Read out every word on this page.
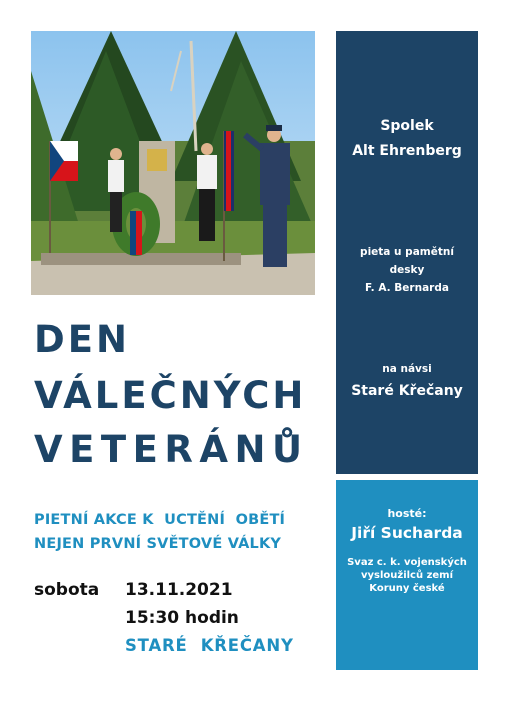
Spolek
Alt Ehrenberg
pieta u pamětní
desky
F. A. Bernarda
na návsi
Staré Křečany
hosté:
Jiří Sucharda
Svaz c. k. vojenských
vysloužilců zemí
Koruny české
DEN
VÁLEČNÝCH
VETERÁNŮ
PIETNÍ AKCE K  UCTĚNÍ  OBĚTÍ
NEJEN PRVNÍ SVĚTOVÉ VÁLKY
sobota 13.11.2021
15:30 hodin
STARÉ  KŘEČANY
